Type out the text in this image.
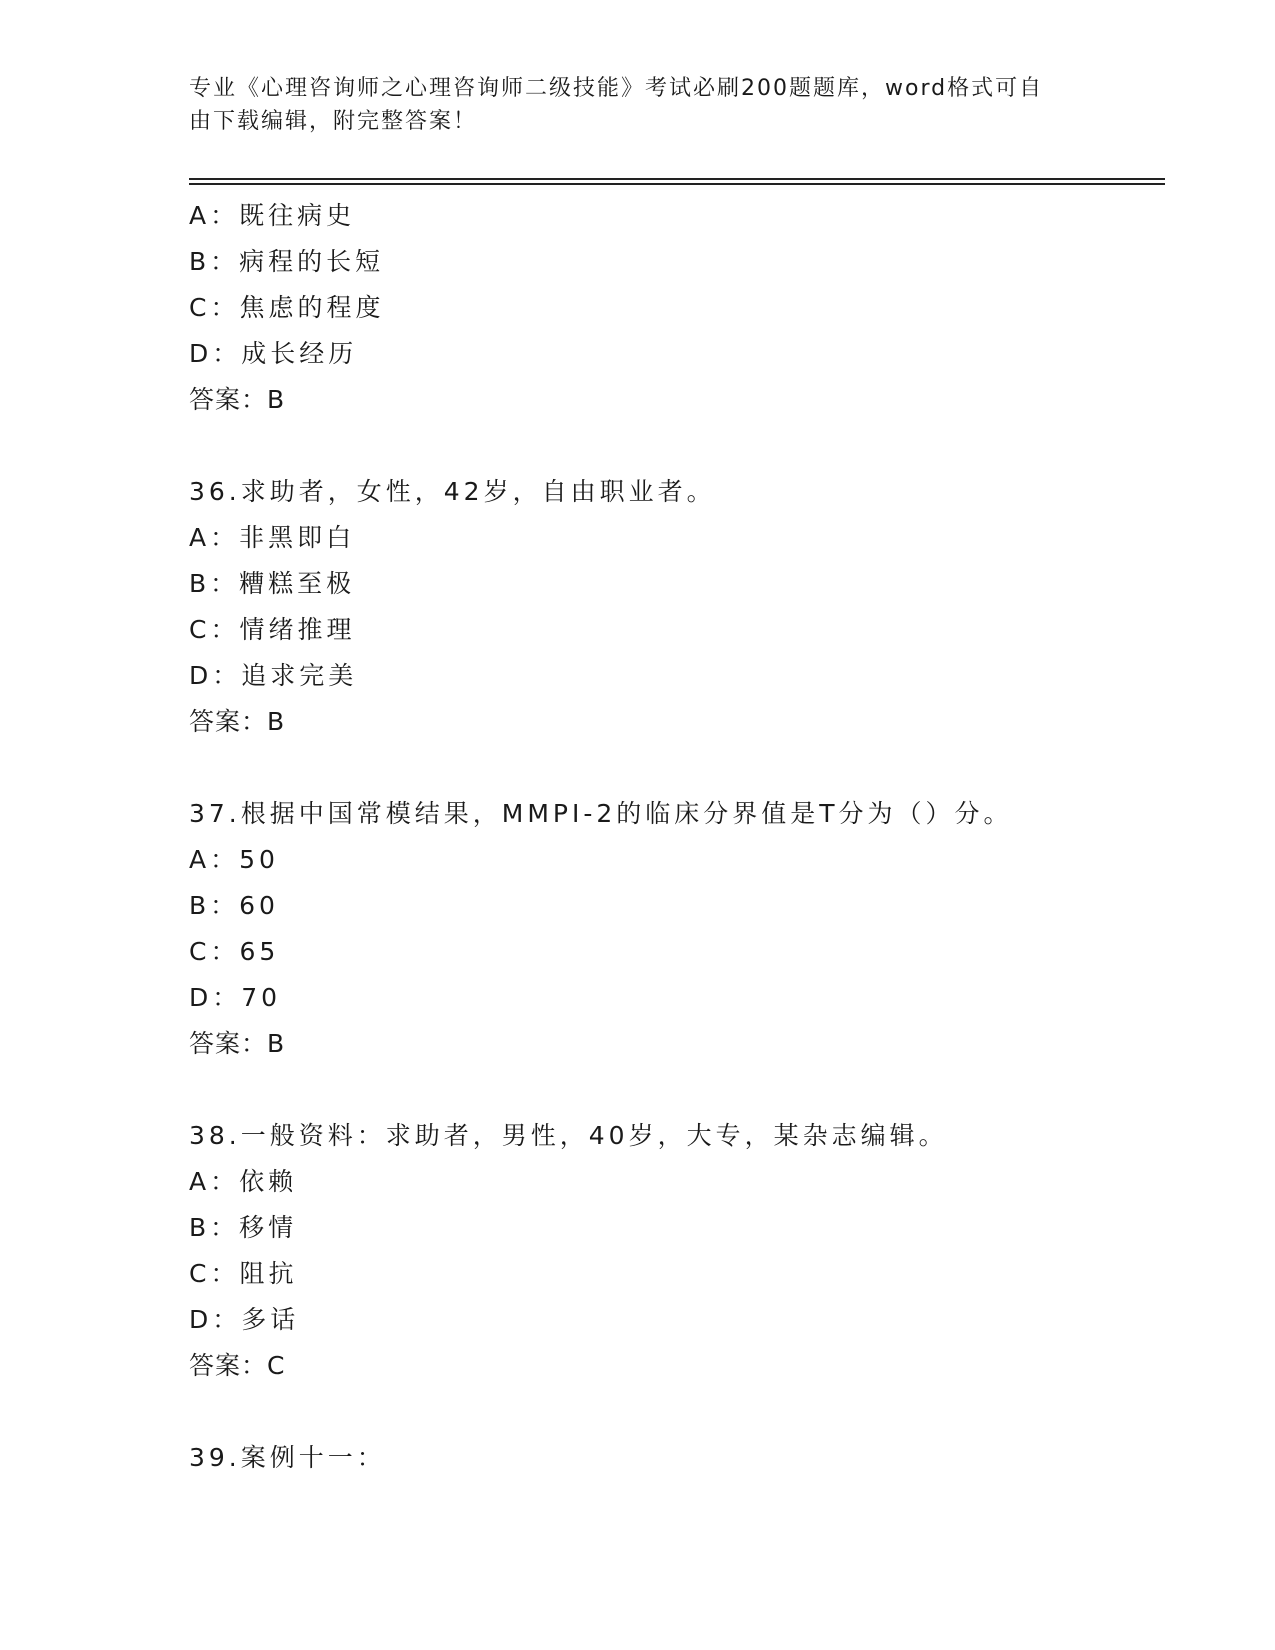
专业《心理咨询师之心理咨询师二级技能》考试必刷200题题库，word格式可自
由下载编辑，附完整答案！
A：既往病史
B：病程的长短
C：焦虑的程度
D：成长经历
答案：B
36.求助者，女性，42岁，自由职业者。
A：非黑即白
B：糟糕至极
C：情绪推理
D：追求完美
答案：B
37.根据中国常模结果，MMPI-2的临床分界值是T分为（）分。
A：50
B：60
C：65
D：70
答案：B
38.一般资料：求助者，男性，40岁，大专，某杂志编辑。
A：依赖
B：移情
C：阻抗
D：多话
答案：C
39.案例十一：
